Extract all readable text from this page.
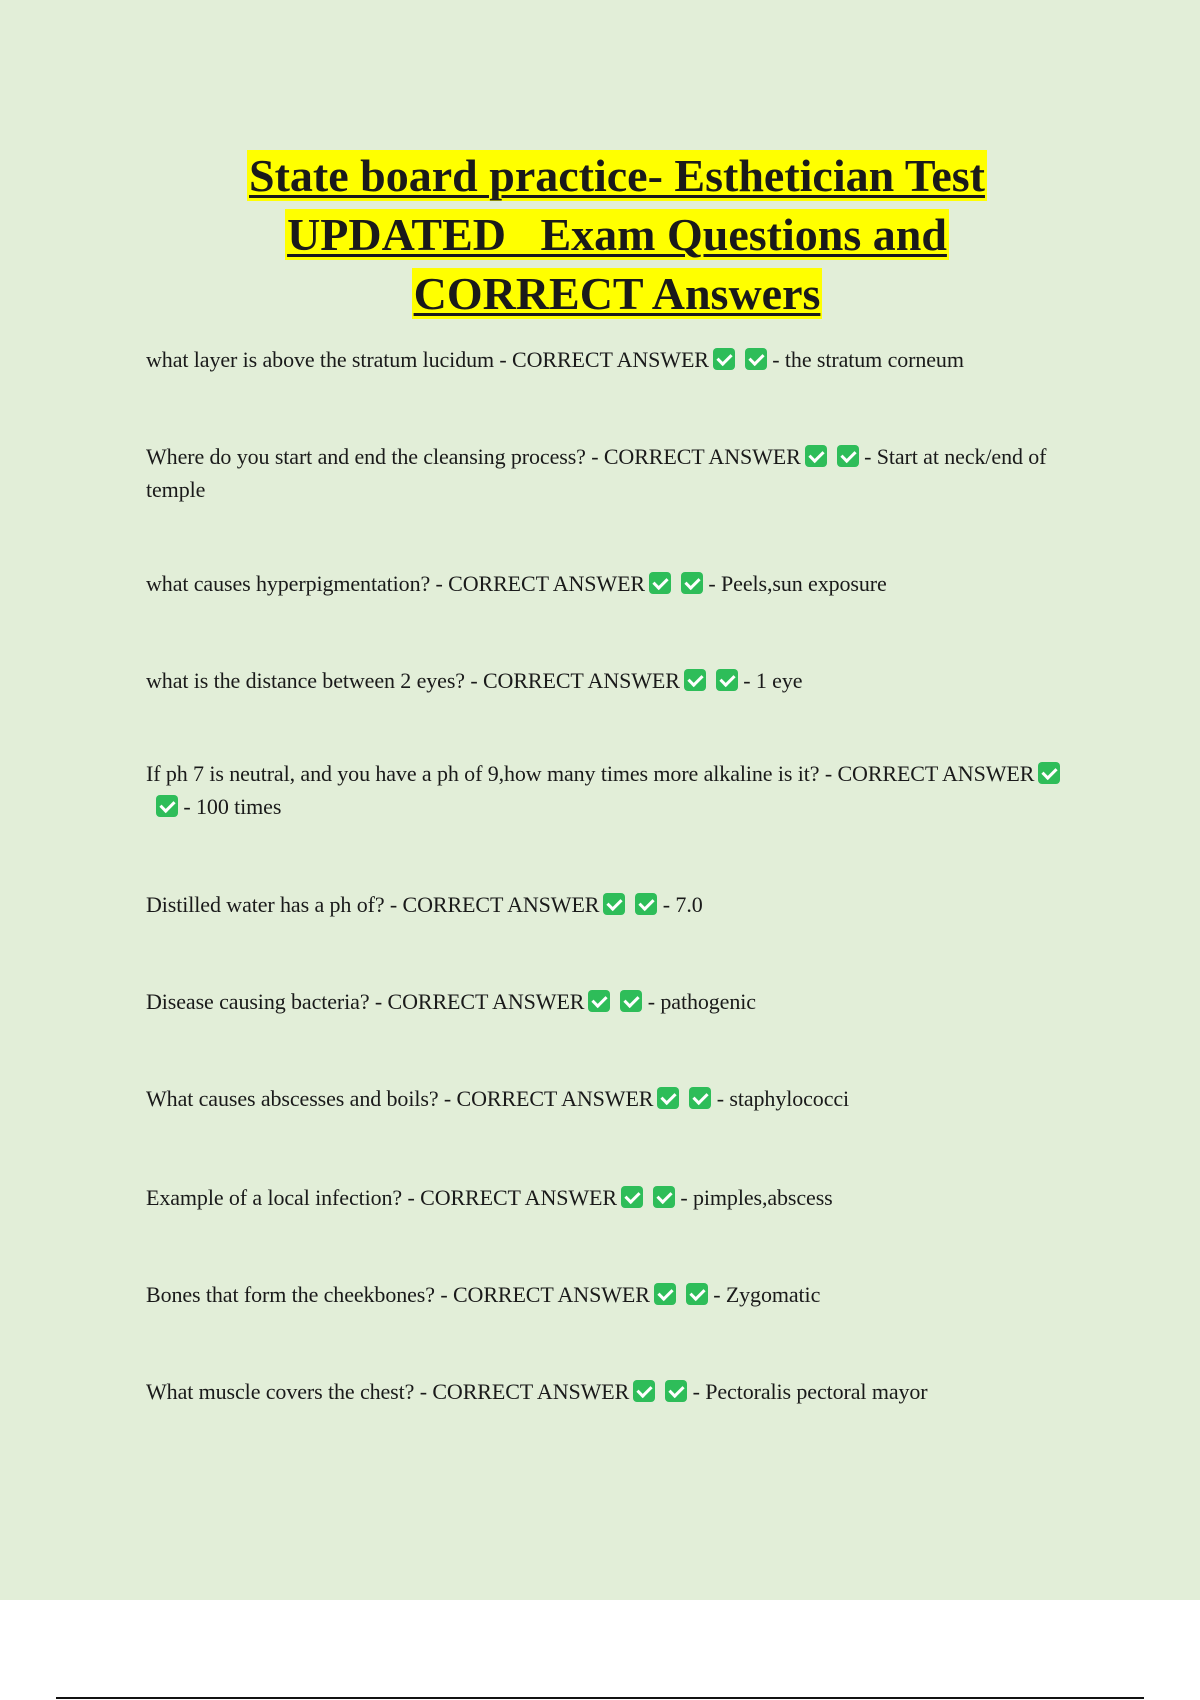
State board practice- Esthetician Test
UPDATED   Exam Questions and
CORRECT Answers
what layer is above the stratum lucidum - CORRECT ANSWER	- the stratum corneum
Where do you start and end the cleansing process? - CORRECT ANSWER	- Start at neck/end of temple
what causes hyperpigmentation? - CORRECT ANSWER	- Peels,sun exposure
what is the distance between 2 eyes? - CORRECT ANSWER	- 1 eye
If ph 7 is neutral, and you have a ph of 9,how many times more alkaline is it? - CORRECT ANSWER - 100 times
Distilled water has a ph of? - CORRECT ANSWER	- 7.0
Disease causing bacteria? - CORRECT ANSWER	- pathogenic
What causes abscesses and boils? - CORRECT ANSWER	- staphylococci
Example of a local infection? - CORRECT ANSWER	- pimples,abscess
Bones that form the cheekbones? - CORRECT ANSWER	- Zygomatic
What muscle covers the chest? - CORRECT ANSWER	- Pectoralis pectoral mayor
